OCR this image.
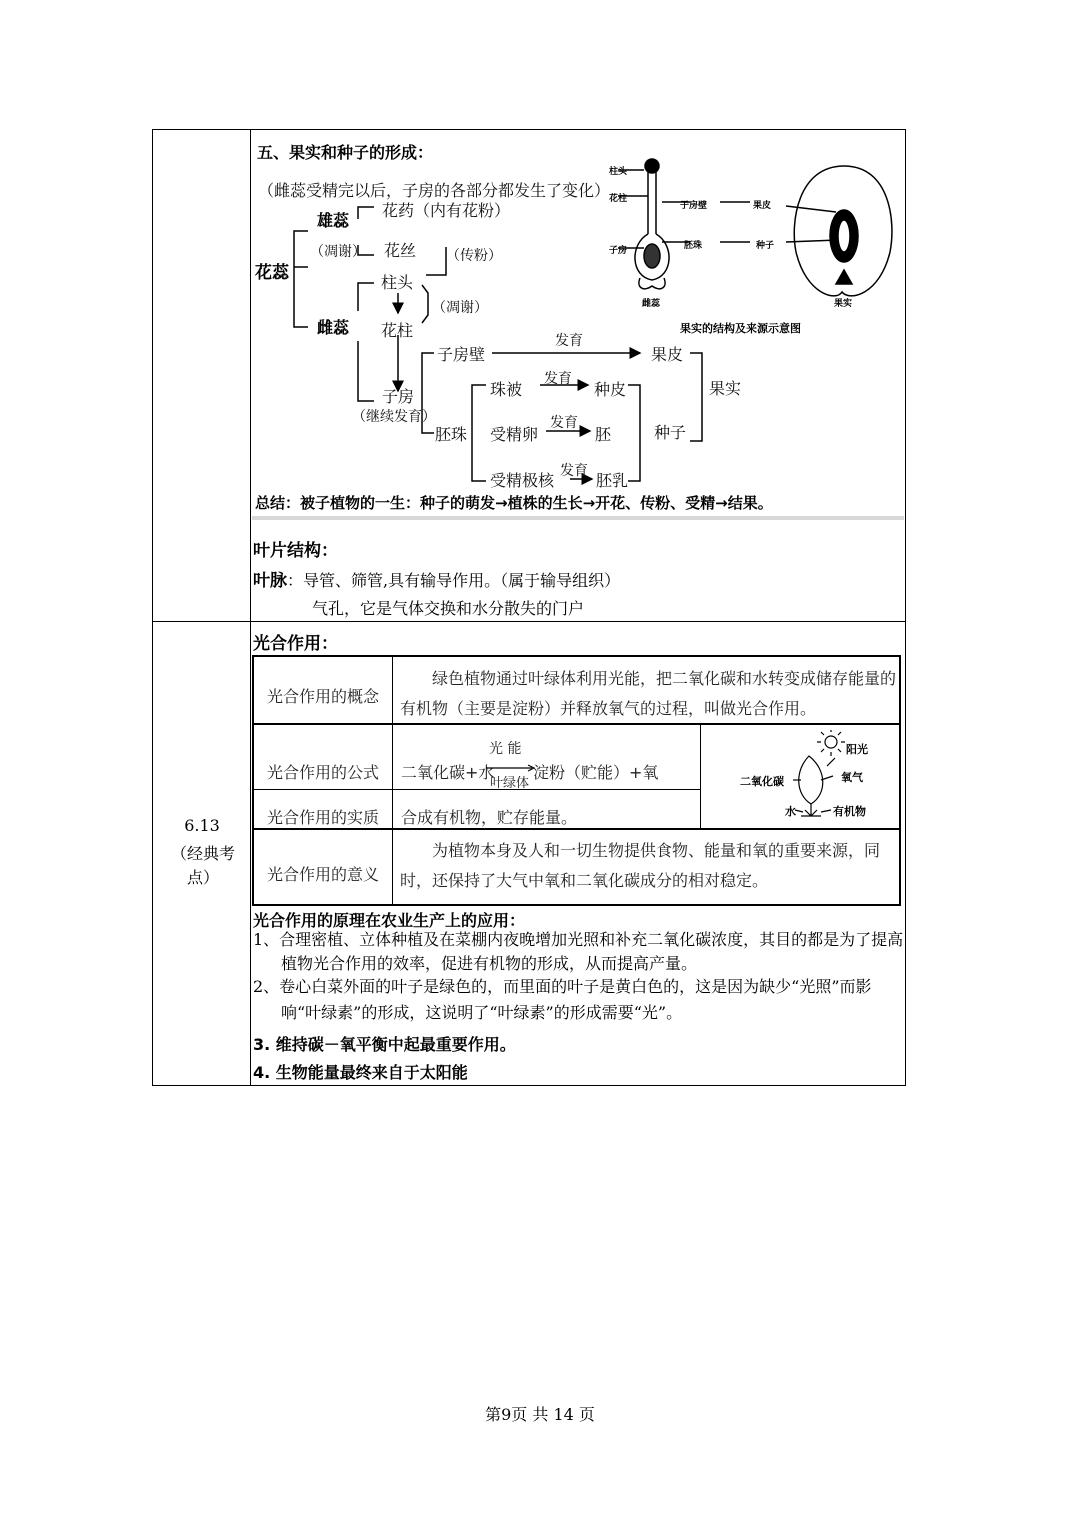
五、果实和种子的形成：
（雌蕊受精完以后，子房的各部分都发生了变化）
花蕊
雄蕊
（凋谢）
花药（内有花粉）
花丝 （传粉）
雌蕊
柱头
（凋谢）
花柱
子房
（继续发育）
子房壁
发育
果皮
果实
珠被
发育
种皮
胚珠 受精卵
发育
胚	种子
受精极核 发育 胚乳
总结：被子植物的一生：种子的萌发→植株的生长→开花、传粉、受精→结果。
柱头
花柱
子房
子房壁	果皮
胚珠	种子
雌蕊	果实
果实的结构及来源示意图
叶片结构：
叶脉：导管、筛管,具有输导作用。（属于输导组织）
气孔，它是气体交换和水分散失的门户
6.13
（经典考点）
光合作用：
光合作用的概念
绿色植物通过叶绿体利用光能，把二氧化碳和水转变成储存能量的有机物（主要是淀粉）并释放氧气的过程，叫做光合作用。
光合作用的公式 二氧化碳+水
光 能
叶绿体
淀粉（贮能）+氧
光合作用的实质 合成有机物，贮存能量。
光合作用的意义
为植物本身及人和一切生物提供食物、能量和氧的重要来源，同时，还保持了大气中氧和二氧化碳成分的相对稳定。
阳光
二氧化碳	氧气
水	有机物
光合作用的原理在农业生产上的应用：
1、合理密植、立体种植及在菜棚内夜晚增加光照和补充二氧化碳浓度，其目的都是为了提高植物光合作用的效率，促进有机物的形成，从而提高产量。
2、卷心白菜外面的叶子是绿色的，而里面的叶子是黄白色的，这是因为缺少“光照”而影响“叶绿素”的形成，这说明了“叶绿素”的形成需要“光”。
3. 维持碳－氧平衡中起最重要作用。
4. 生物能量最终来自于太阳能
第9页 共 14 页
